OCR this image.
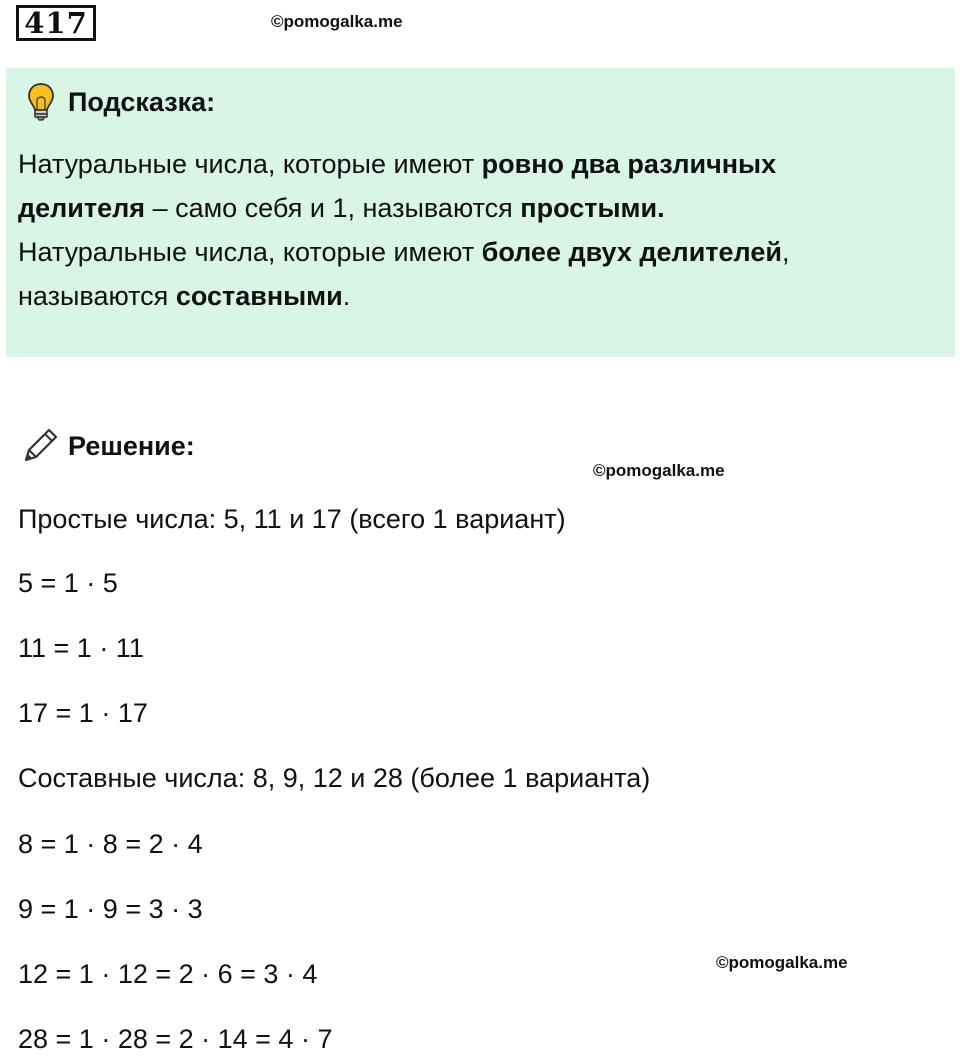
417	©pomogalka.me
Подсказка:
Натуральные числа, которые имеют ровно два различных
делителя – само себя и 1, называются простыми.
Натуральные числа, которые имеют более двух делителей,
называются составными.
Решение:
©pomogalka.me
Простые числа: 5, 11 и 17 (всего 1 вариант)
5 = 1 · 5
11 = 1 · 11
17 = 1 · 17
Составные числа: 8, 9, 12 и 28 (более 1 варианта)
8 = 1 · 8 = 2 · 4
9 = 1 · 9 = 3 · 3
12 = 1 · 12 = 2 · 6 = 3 · 4
28 = 1 · 28 = 2 · 14 = 4 · 7
©pomogalka.me
